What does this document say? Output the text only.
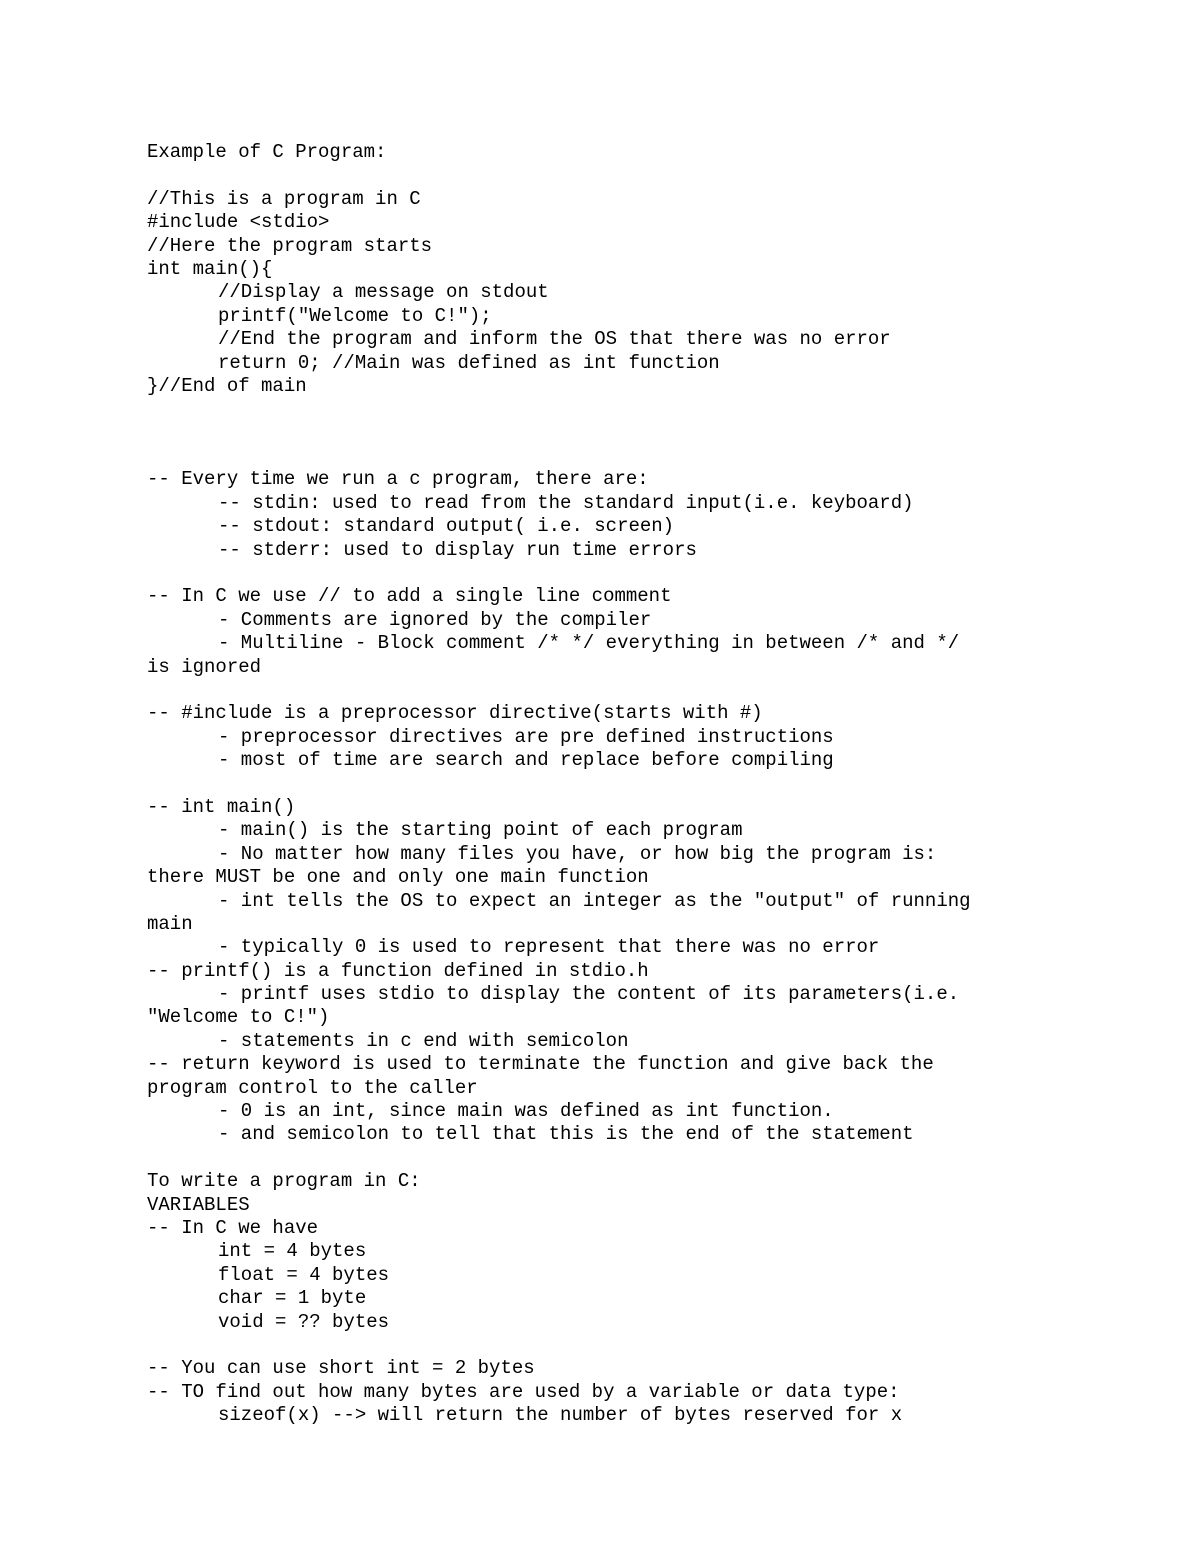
Example of C Program:
//This is a program in C
#include <stdio>
//Here the program starts
int main(){
//Display a message on stdout
printf("Welcome to C!");
//End the program and inform the OS that there was no error
return 0; //Main was defined as int function
}//End of main
-- Every time we run a c program, there are:
-- stdin: used to read from the standard input(i.e. keyboard)
-- stdout: standard output( i.e. screen)
-- stderr: used to display run time errors
-- In C we use // to add a single line comment
- Comments are ignored by the compiler
- Multiline - Block comment /* */ everything in between /* and */
is ignored
-- #include is a preprocessor directive(starts with #)
- preprocessor directives are pre defined instructions
- most of time are search and replace before compiling
-- int main()
- main() is the starting point of each program
- No matter how many files you have, or how big the program is:
there MUST be one and only one main function
- int tells the OS to expect an integer as the "output" of running
main
- typically 0 is used to represent that there was no error
-- printf() is a function defined in stdio.h
- printf uses stdio to display the content of its parameters(i.e.
"Welcome to C!")
- statements in c end with semicolon
-- return keyword is used to terminate the function and give back the
program control to the caller
- 0 is an int, since main was defined as int function.
- and semicolon to tell that this is the end of the statement
To write a program in C:
VARIABLES
-- In C we have
int = 4 bytes
float = 4 bytes
char = 1 byte
void = ?? bytes
-- You can use short int = 2 bytes
-- TO find out how many bytes are used by a variable or data type:
sizeof(x) --> will return the number of bytes reserved for x
